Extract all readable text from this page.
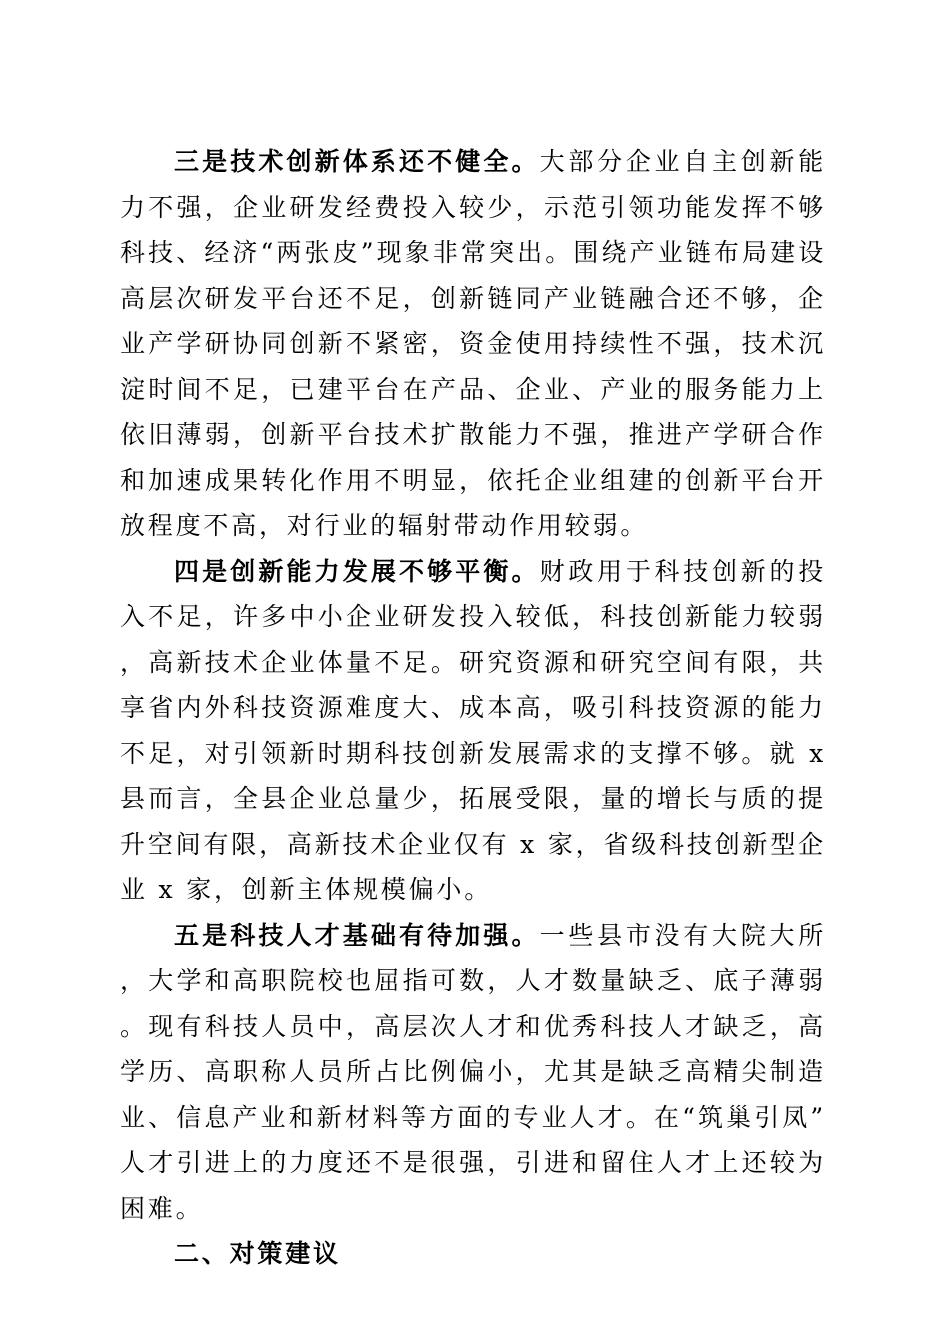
三是技术创新体系还不健全。大部分企业自主创新能力不强，企业研发经费投入较少，示范引领功能发挥不够科技、经济“两张皮”现象非常突出。围绕产业链布局建设高层次研发平台还不足，创新链同产业链融合还不够，企业产学研协同创新不紧密，资金使用持续性不强，技术沉淀时间不足，已建平台在产品、企业、产业的服务能力上依旧薄弱，创新平台技术扩散能力不强，推进产学研合作和加速成果转化作用不明显，依托企业组建的创新平台开放程度不高，对行业的辐射带动作用较弱。

四是创新能力发展不够平衡。财政用于科技创新的投入不足，许多中小企业研发投入较低，科技创新能力较弱，高新技术企业体量不足。研究资源和研究空间有限，共享省内外科技资源难度大、成本高，吸引科技资源的能力不足，对引领新时期科技创新发展需求的支撑不够。就 x 县而言，全县企业总量少，拓展受限，量的增长与质的提升空间有限，高新技术企业仅有 x 家，省级科技创新型企业 x 家，创新主体规模偏小。

五是科技人才基础有待加强。一些县市没有大院大所，大学和高职院校也屈指可数，人才数量缺乏、底子薄弱。现有科技人员中，高层次人才和优秀科技人才缺乏，高学历、高职称人员所占比例偏小，尤其是缺乏高精尖制造业、信息产业和新材料等方面的专业人才。在“筑巢引凤”人才引进上的力度还不是很强，引进和留住人才上还较为困难。

二、对策建议
